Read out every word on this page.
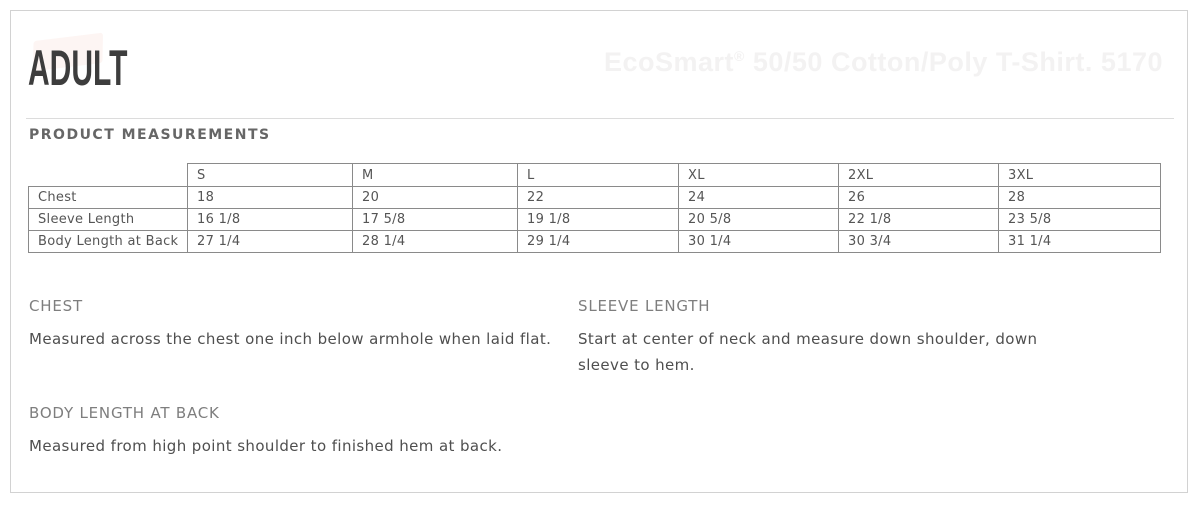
ADULT	EcoSmart® 50/50 Cotton/Poly T-Shirt. 5170
PRODUCT MEASUREMENTS
	S	M	L	XL	2XL	3XL
Chest	18	20	22	24	26	28
Sleeve Length	16 1/8	17 5/8	19 1/8	20 5/8	22 1/8	23 5/8
Body Length at Back	27 1/4	28 1/4	29 1/4	30 1/4	30 3/4	31 1/4
CHEST
Measured across the chest one inch below armhole when laid flat.
SLEEVE LENGTH
Start at center of neck and measure down shoulder, down sleeve to hem.
BODY LENGTH AT BACK
Measured from high point shoulder to finished hem at back.
